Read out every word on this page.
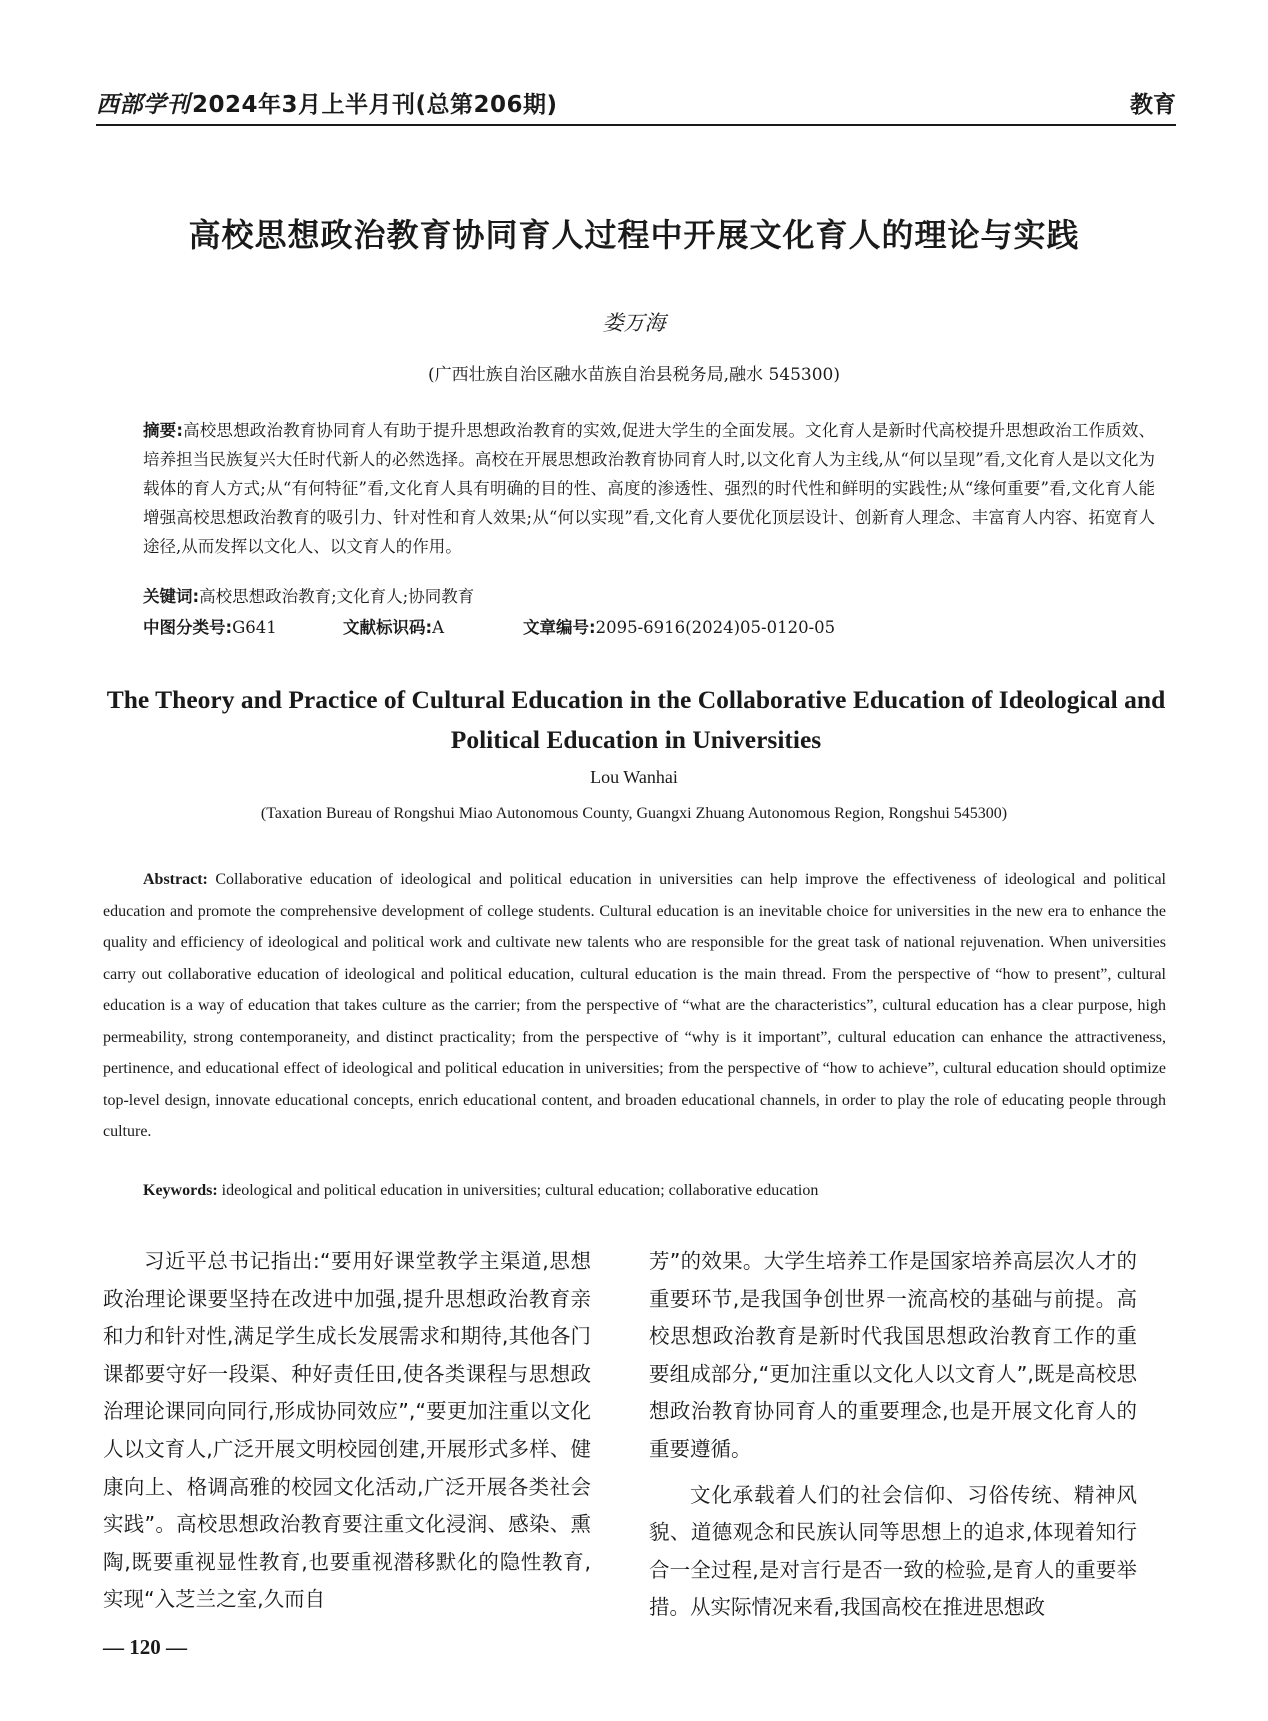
西部学刊2024年3月上半月刊(总第206期)	教育
高校思想政治教育协同育人过程中开展文化育人的理论与实践
娄万海
(广西壮族自治区融水苗族自治县税务局,融水 545300)
摘要:高校思想政治教育协同育人有助于提升思想政治教育的实效,促进大学生的全面发展。文化育人是新时代高校提升思想政治工作质效、培养担当民族复兴大任时代新人的必然选择。高校在开展思想政治教育协同育人时,以文化育人为主线,从“何以呈现”看,文化育人是以文化为载体的育人方式;从“有何特征”看,文化育人具有明确的目的性、高度的渗透性、强烈的时代性和鲜明的实践性;从“缘何重要”看,文化育人能增强高校思想政治教育的吸引力、针对性和育人效果;从“何以实现”看,文化育人要优化顶层设计、创新育人理念、丰富育人内容、拓宽育人途径,从而发挥以文化人、以文育人的作用。
关键词:高校思想政治教育;文化育人;协同教育
中图分类号:G641	文献标识码:A	文章编号:2095-6916(2024)05-0120-05
The Theory and Practice of Cultural Education in the Collaborative Education of Ideological and Political Education in Universities
Lou Wanhai
(Taxation Bureau of Rongshui Miao Autonomous County, Guangxi Zhuang Autonomous Region, Rongshui 545300)
Abstract: Collaborative education of ideological and political education in universities can help improve the effectiveness of ideological and political education and promote the comprehensive development of college students. Cultural education is an inevitable choice for universities in the new era to enhance the quality and efficiency of ideological and political work and cultivate new talents who are responsible for the great task of national rejuvenation. When universities carry out collaborative education of ideological and political education, cultural education is the main thread. From the perspective of “how to present”, cultural education is a way of education that takes culture as the carrier; from the perspective of “what are the characteristics”, cultural education has a clear purpose, high permeability, strong contemporaneity, and distinct practicality; from the perspective of “why is it important”, cultural education can enhance the attractiveness, pertinence, and educational effect of ideological and political education in universities; from the perspective of “how to achieve”, cultural education should optimize top-level design, innovate educational concepts, enrich educational content, and broaden educational channels, in order to play the role of educating people through culture.
Keywords: ideological and political education in universities; cultural education; collaborative education

习近平总书记指出:“要用好课堂教学主渠道,思想政治理论课要坚持在改进中加强,提升思想政治教育亲和力和针对性,满足学生成长发展需求和期待,其他各门课都要守好一段渠、种好责任田,使各类课程与思想政治理论课同向同行,形成协同效应”,“要更加注重以文化人以文育人,广泛开展文明校园创建,开展形式多样、健康向上、格调高雅的校园文化活动,广泛开展各类社会实践”。高校思想政治教育要注重文化浸润、感染、熏陶,既要重视显性教育,也要重视潜移默化的隐性教育,实现“入芝兰之室,久而自

芳”的效果。大学生培养工作是国家培养高层次人才的重要环节,是我国争创世界一流高校的基础与前提。高校思想政治教育是新时代我国思想政治教育工作的重要组成部分,“更加注重以文化人以文育人”,既是高校思想政治教育协同育人的重要理念,也是开展文化育人的重要遵循。

文化承载着人们的社会信仰、习俗传统、精神风貌、道德观念和民族认同等思想上的追求,体现着知行合一全过程,是对言行是否一致的检验,是育人的重要举措。从实际情况来看,我国高校在推进思想政

— 120 —
